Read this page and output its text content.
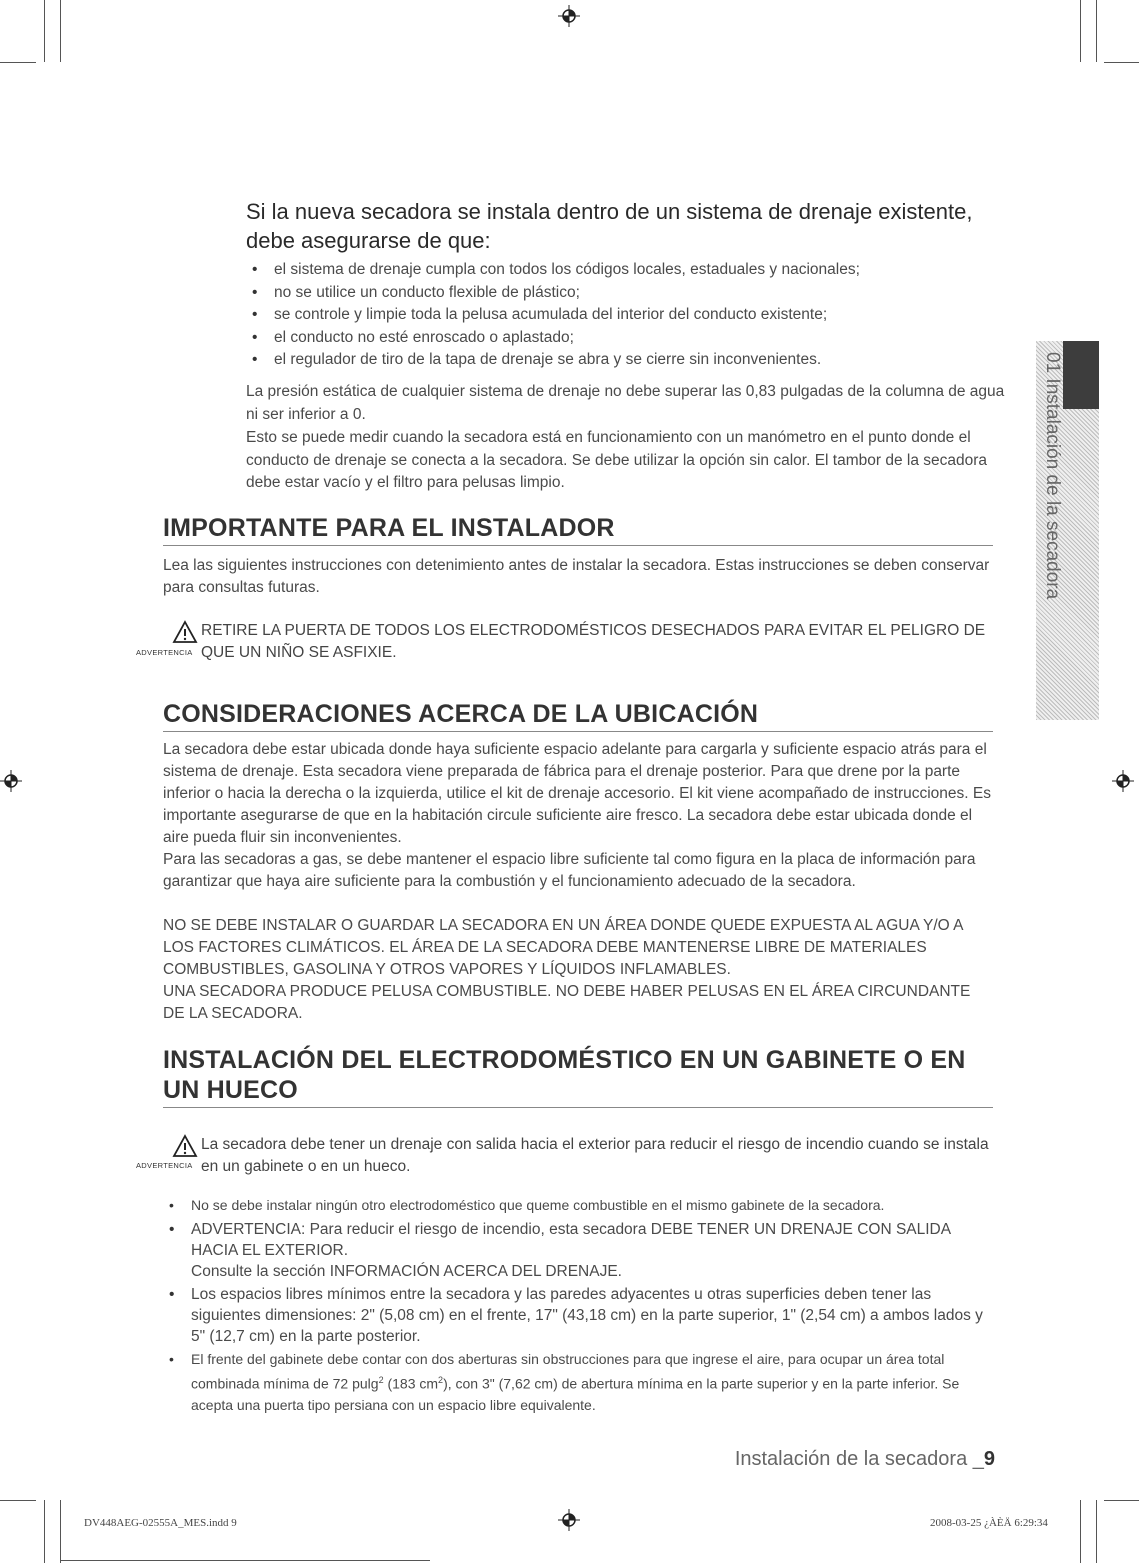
Si la nueva secadora se instala dentro de un sistema de drenaje existente, debe asegurarse de que:
• el sistema de drenaje cumpla con todos los códigos locales, estaduales y nacionales;
• no se utilice un conducto flexible de plástico;
• se controle y limpie toda la pelusa acumulada del interior del conducto existente;
• el conducto no esté enroscado o aplastado;
• el regulador de tiro de la tapa de drenaje se abra y se cierre sin inconvenientes.

La presión estática de cualquier sistema de drenaje no debe superar las 0,83 pulgadas de la columna de agua ni ser inferior a 0.

Esto se puede medir cuando la secadora está en funcionamiento con un manómetro en el punto donde el conducto de drenaje se conecta a la secadora. Se debe utilizar la opción sin calor. El tambor de la secadora debe estar vacío y el filtro para pelusas limpio.

IMPORTANTE PARA EL INSTALADOR

Lea las siguientes instrucciones con detenimiento antes de instalar la secadora. Estas instrucciones se deben conservar para consultas futuras.

ADVERTENCIA

RETIRE LA PUERTA DE TODOS LOS ELECTRODOMÉSTICOS DESECHADOS PARA EVITAR EL PELIGRO DE QUE UN NIÑO SE ASFIXIE.

CONSIDERACIONES ACERCA DE LA UBICACIÓN

La secadora debe estar ubicada donde haya suficiente espacio adelante para cargarla y suficiente espacio atrás para el sistema de drenaje. Esta secadora viene preparada de fábrica para el drenaje posterior. Para que drene por la parte inferior o hacia la derecha o la izquierda, utilice el kit de drenaje accesorio. El kit viene acompañado de instrucciones. Es importante asegurarse de que en la habitación circule suficiente aire fresco. La secadora debe estar ubicada donde el aire pueda fluir sin inconvenientes.

Para las secadoras a gas, se debe mantener el espacio libre suficiente tal como figura en la placa de información para garantizar que haya aire suficiente para la combustión y el funcionamiento adecuado de la secadora.

NO SE DEBE INSTALAR O GUARDAR LA SECADORA EN UN ÁREA DONDE QUEDE EXPUESTA AL AGUA Y/O A LOS FACTORES CLIMÁTICOS. EL ÁREA DE LA SECADORA DEBE MANTENERSE LIBRE DE MATERIALES COMBUSTIBLES, GASOLINA Y OTROS VAPORES Y LÍQUIDOS INFLAMABLES.

UNA SECADORA PRODUCE PELUSA COMBUSTIBLE. NO DEBE HABER PELUSAS EN EL ÁREA CIRCUNDANTE DE LA SECADORA.

INSTALACIÓN DEL ELECTRODOMÉSTICO EN UN GABINETE O EN UN HUECO
ADVERTENCIA

La secadora debe tener un drenaje con salida hacia el exterior para reducir el riesgo de incendio cuando se instala en un gabinete o en un hueco.

• No se debe instalar ningún otro electrodoméstico que queme combustible en el mismo gabinete de la secadora.
• ADVERTENCIA: Para reducir el riesgo de incendio, esta secadora DEBE TENER UN DRENAJE CON SALIDA HACIA EL EXTERIOR.
Consulte la sección INFORMACIÓN ACERCA DEL DRENAJE.
• Los espacios libres mínimos entre la secadora y las paredes adyacentes u otras superficies deben tener las siguientes dimensiones: 2" (5,08 cm) en el frente, 17" (43,18 cm) en la parte superior, 1" (2,54 cm) a ambos lados y 5" (12,7 cm) en la parte posterior.
• El frente del gabinete debe contar con dos aberturas sin obstrucciones para que ingrese el aire, para ocupar un área total combinada mínima de 72 pulg$^2$ (183 $cm^2$), con 3" (7,62 cm) de abertura mínima en la parte superior y en la parte inferior. Se acepta una puerta tipo persiana con un espacio libre equivalente.
01 Instalación de la secadora
Instalación de la secadora _9
DV448AEG-02555A_MES.indd 9	2008-03-25 ¿ÀÈÄ 6:29:34
